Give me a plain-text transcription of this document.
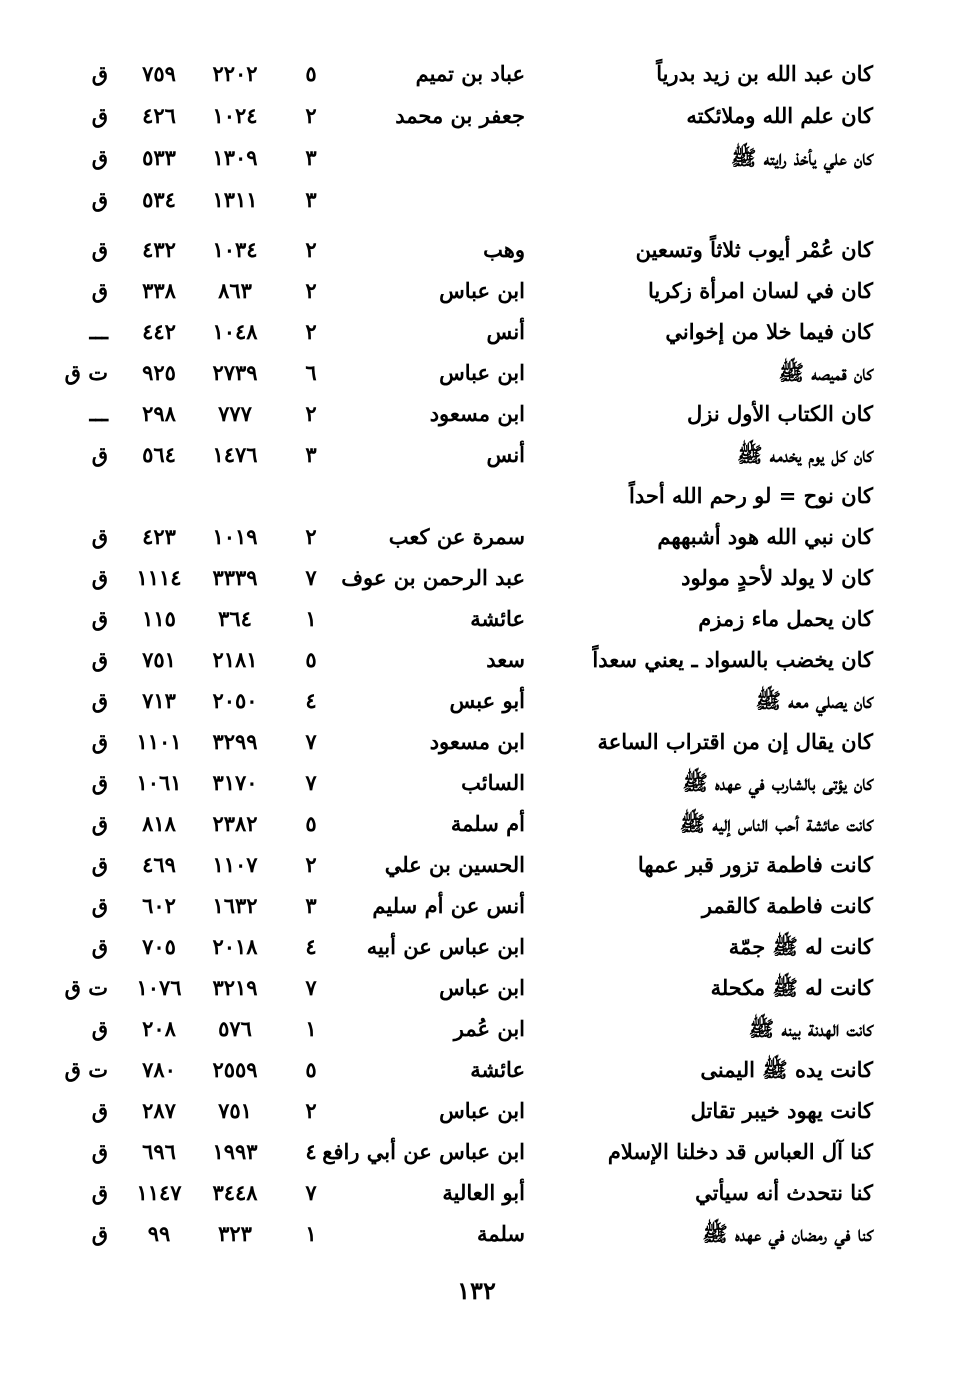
كان عبد الله بن زيد بدرياً
عباد بن تميم
٥
٢٢٠٢
٧٥٩
ق
كان علم الله وملائكته
جعفر بن محمد
٢
١٠٢٤
٤٢٦
ق
كان علي يأخذ رايته ﷺ
٣
١٣٠٩
٥٣٣
ق
٣
١٣١١
٥٣٤
ق
كان عُمْر أيوب ثلاثاً وتسعين
وهب
٢
١٠٣٤
٤٣٢
ق
كان في لسان امرأة زكريا
ابن عباس
٢
٨٦٣
٣٣٨
ق
كان فيما خلا من إخواني
أنس
٢
١٠٤٨
٤٤٢
ـــ
كان قميصه ﷺ
ابن عباس
٦
٢٧٣٩
٩٢٥
ت ق
كان الكتاب الأول نزل
ابن مسعود
٢
٧٧٧
٢٩٨
ـــ
كان كل يوم يخدمه ﷺ
أنس
٣
١٤٧٦
٥٦٤
ق
كان نوح = لو رحم الله أحداً
كان نبي الله هود أشبههم
سمرة عن كعب
٢
١٠١٩
٤٢٣
ق
كان لا يولد لأحدٍ مولود
عبد الرحمن بن عوف
٧
٣٣٣٩
١١١٤
ق
كان يحمل ماء زمزم
عائشة
١
٣٦٤
١١٥
ق
كان يخضب بالسواد ـ يعني سعداً
سعد
٥
٢١٨١
٧٥١
ق
كان يصلي معه ﷺ
أبو عبس
٤
٢٠٥٠
٧١٣
ق
كان يقال إن من اقتراب الساعة
ابن مسعود
٧
٣٢٩٩
١١٠١
ق
كان يؤتى بالشارب في عهده ﷺ
السائب
٧
٣١٧٠
١٠٦١
ق
كانت عائشة أحب الناس إليه ﷺ
أم سلمة
٥
٢٣٨٢
٨١٨
ق
كانت فاطمة تزور قبر عمها
الحسين بن علي
٢
١١٠٧
٤٦٩
ق
كانت فاطمة كالقمر
أنس عن أم سليم
٣
١٦٣٢
٦٠٢
ق
كانت له ﷺ جمّة
ابن عباس عن أبيه
٤
٢٠١٨
٧٠٥
ق
كانت له ﷺ مكحلة
ابن عباس
٧
٣٢١٩
١٠٧٦
ت ق
كانت الهدنة بينه ﷺ
ابن عُمر
١
٥٧٦
٢٠٨
ق
كانت يده ﷺ اليمنى
عائشة
٥
٢٥٥٩
٧٨٠
ت ق
كانت يهود خيبر تقاتل
ابن عباس
٢
٧٥١
٢٨٧
ق
كنا آل العباس قد دخلنا الإسلام
ابن عباس عن أبي رافع
٤
١٩٩٣
٦٩٦
ق
كنا نتحدث أنه سيأتي
أبو العالية
٧
٣٤٤٨
١١٤٧
ق
كنا في رمضان في عهده ﷺ
سلمة
١
٣٢٣
٩٩
ق
١٣٢
